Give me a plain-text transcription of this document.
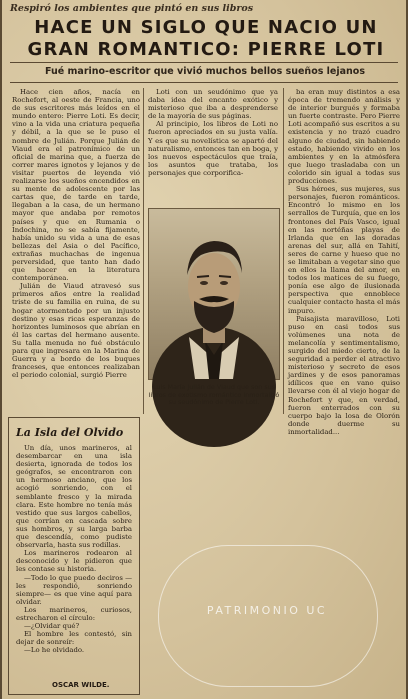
Respiró los ambientes que pintó en sus libros
HACE UN SIGLO QUE NACIO UN
GRAN ROMANTICO: PIERRE LOTI
Fué marino-escritor que vivió muchos bellos sueños lejanos

Hace cien años, nacía en Rochefort, al oeste de Francia, uno de sus escritores más leídos en el mundo entero: Pierre Loti. Es decir, vino a la vida una criatura pequeña y débil, a la que se le puso el nombre de Julián. Porque Julián de Viaud era el patronímico de un oficial de marina que, a fuerza de correr mares ignotos y lejanos y de visitar puertos de leyenda vió realizarse los sueños encendidos en su mente de adolescente por las cartas que, de tarde en tarde, llegaban a la casa, de un hermano mayor que andaba por remotos países y que en Rumania o Indochina, no se sabía fijamente, había unido su vida a una de esas bellezas del Asia o del Pacífico, extrañas muchachas de ingenua perversidad, que tanto han dado que hacer en la literatura contemporánea.

Julián de Viaud atravesó sus primeros años entre la realidad triste de su familia en ruina, de su hogar atormentado por un injusto destino y esas ricas esperanzas de horizontes luminosos que abrían en él las cartas del hermano ausente. Su talla menuda no fué obstáculo para que ingresara en la Marina de Guerra y a bordo de los buques franceses, que entonces realizaban el periodo colonial, surgió Pierre

Loti con un seudónimo que ya daba idea del encanto exótico y misterioso que iba a desprenderse de la mayoría de sus páginas.

Al principio, los libros de Loti no fueron apreciados en su justa valía. Y es que su novelística se apartó del naturalismo, entonces tan en boga, y los nuevos espectáculos que traía, los asuntos que trataba, los personajes que corporifica-

Luis María Julián de Viaud que son sus libros de exotismo romántico inmortalizó su seudónimo de Pierre Loti.

ba eran muy distintos a esa época de tremendo análisis y de interior burgués y formaba un fuerte contraste. Pero Pierre Loti acompañó sus escritos a su existencia y no trazó cuadro alguno de ciudad, sin habiendo estado, habiendo vivido en los ambientes y en la atmósfera que luego trasladaba con un colorido sin igual a todas sus producciones.

Sus héroes, sus mujeres, sus personajes, fueron románticos. Encontró lo mismo en los serrallos de Turquía, que en los frontones del País Vasco, igual en las nortéñas playas de Irlanda que en las doradas arenas del sur, allá en Tahití, seres de carne y hueso que no se limitaban a vegetar sino que en ellos la llama del amor, en todos los matices de su fuego, ponía ese algo de ilusionada perspectiva que ennoblece cualquier contacto hasta el más impuro.

Paisajista maravilloso, Loti puso en casi todos sus volúmenes una nota de melancolía y sentimentalismo, surgido del miedo cierto, de la seguridad a perder el atractivo misterioso y secreto de esos jardines y de esos panoramas idílicos que en vano quiso llevarse con él al viejo hogar de Rochefort y que, en verdad, fueron enterrados con su cuerpo bajo la losa de Olorón donde duerme su inmortalidad...

La Isla del Olvido

Un día, unos marineros, al desembarcar en una isla desierta, ignorada de todos los geógrafos, se encontraron con un hermoso anciano, que los acogió sonriendo, con el semblante fresco y la mirada clara. Este hombre no tenía más vestido que sus largos cabellos, que corrían en cascada sobre sus hombros, y su larga barba que descendía, como pudiste observarla, hasta sus rodillas.

Los marineros rodearon al desconocido y le pidieron que les contase su historia.

—Todo lo que puedo deciros —les respondió, sonriendo siempre— es que vine aquí para olvidar.

Los marineros, curiosos, estrecharon el círculo:

—¿Olvidar qué?

El hombre les contestó, sin dejar de sonreír:

—Lo he olvidado.

OSCAR WILDE.
PATRIMONIO UC
